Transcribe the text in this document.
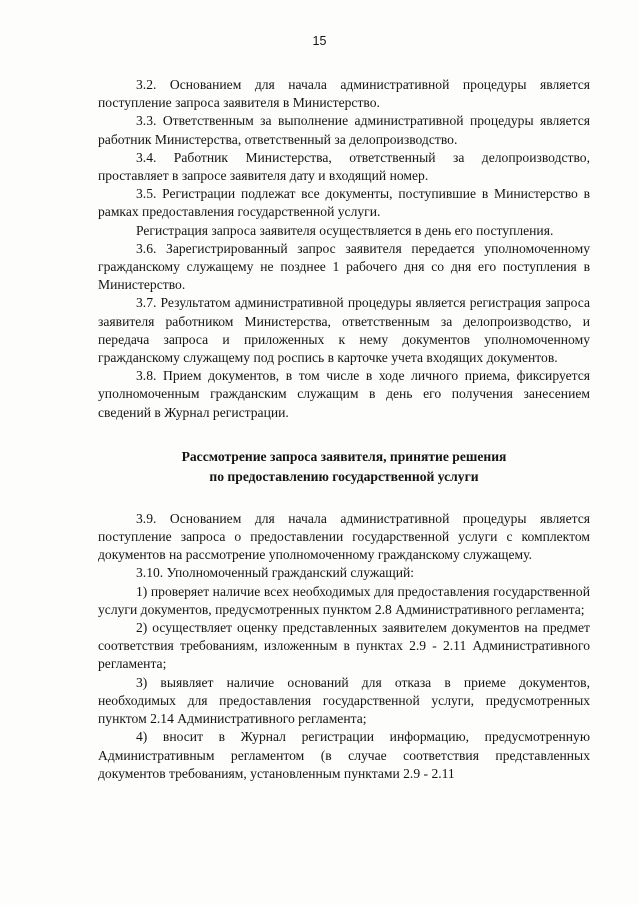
15

3.2. Основанием для начала административной процедуры является поступление запроса заявителя в Министерство.

3.3. Ответственным за выполнение административной процедуры является работник Министерства, ответственный за делопроизводство.

3.4. Работник Министерства, ответственный за делопроизводство, проставляет в запросе заявителя дату и входящий номер.

3.5. Регистрации подлежат все документы, поступившие в Министерство в рамках предоставления государственной услуги.

Регистрация запроса заявителя осуществляется в день его поступления.

3.6. Зарегистрированный запрос заявителя передается уполномоченному гражданскому служащему не позднее 1 рабочего дня со дня его поступления в Министерство.

3.7. Результатом административной процедуры является регистрация запроса заявителя работником Министерства, ответственным за делопроизводство, и передача запроса и приложенных к нему документов уполномоченному гражданскому служащему под роспись в карточке учета входящих документов.

3.8. Прием документов, в том числе в ходе личного приема, фиксируется уполномоченным гражданским служащим в день его получения занесением сведений в Журнал регистрации.

Рассмотрение запроса заявителя, принятие решения
по предоставлению государственной услуги

3.9. Основанием для начала административной процедуры является поступление запроса о предоставлении государственной услуги с комплектом документов на рассмотрение уполномоченному гражданскому служащему.

3.10. Уполномоченный гражданский служащий:

1) проверяет наличие всех необходимых для предоставления государственной услуги документов, предусмотренных пунктом 2.8 Административного регламента;

2) осуществляет оценку представленных заявителем документов на предмет соответствия требованиям, изложенным в пунктах 2.9 - 2.11 Административного регламента;

3) выявляет наличие оснований для отказа в приеме документов, необходимых для предоставления государственной услуги, предусмотренных пунктом 2.14 Административного регламента;

4) вносит в Журнал регистрации информацию, предусмотренную Административным регламентом (в случае соответствия представленных документов требованиям, установленным пунктами 2.9 - 2.11
